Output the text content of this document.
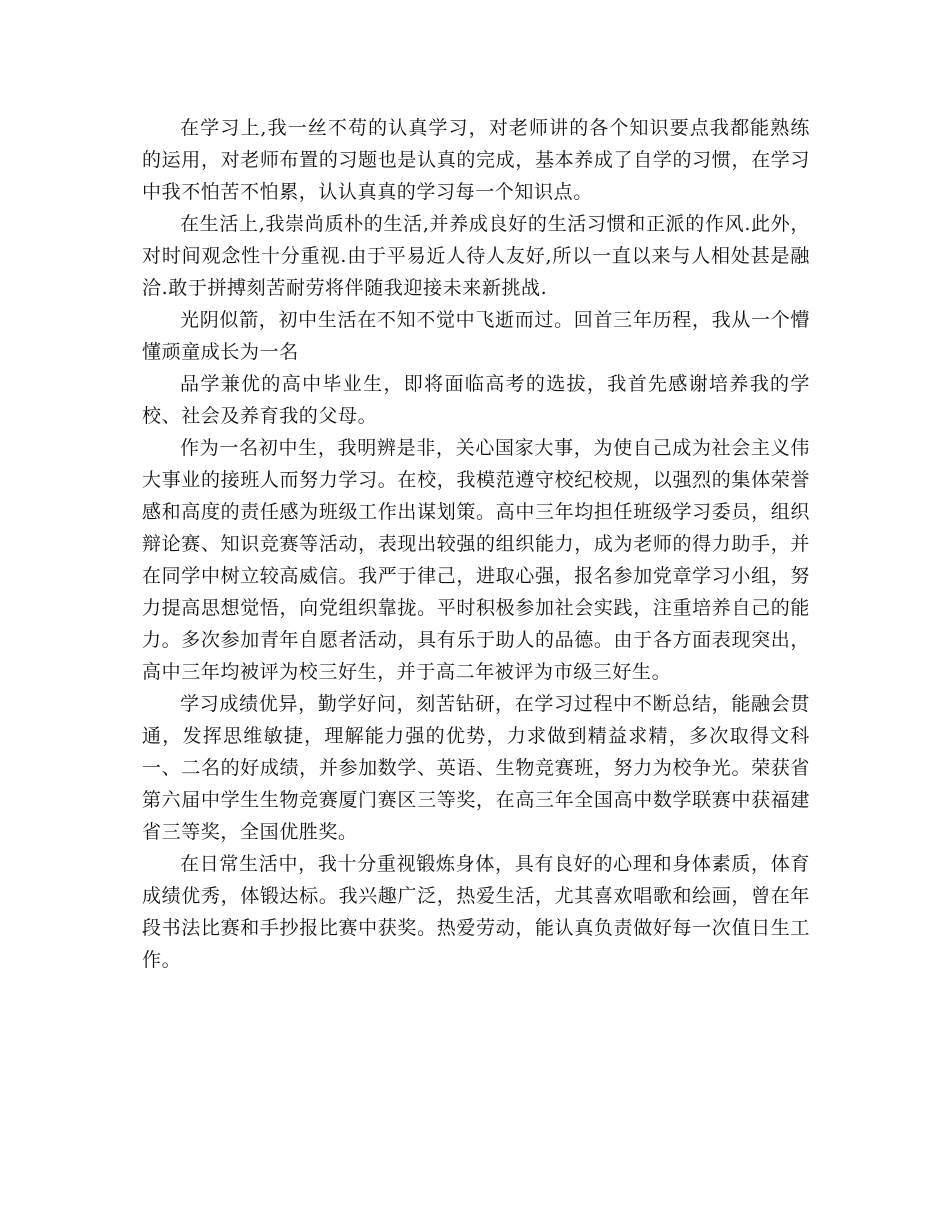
在学习上,我一丝不苟的认真学习，对老师讲的各个知识要点我都能熟练的运用，对老师布置的习题也是认真的完成，基本养成了自学的习惯，在学习中我不怕苦不怕累，认认真真的学习每一个知识点。

在生活上,我崇尚质朴的生活,并养成良好的生活习惯和正派的作风.此外，对时间观念性十分重视.由于平易近人待人友好,所以一直以来与人相处甚是融洽.敢于拼搏刻苦耐劳将伴随我迎接未来新挑战.

光阴似箭，初中生活在不知不觉中飞逝而过。回首三年历程，我从一个懵懂顽童成长为一名

品学兼优的高中毕业生，即将面临高考的选拔，我首先感谢培养我的学校、社会及养育我的父母。

作为一名初中生，我明辨是非，关心国家大事，为使自己成为社会主义伟大事业的接班人而努力学习。在校，我模范遵守校纪校规，以强烈的集体荣誉感和高度的责任感为班级工作出谋划策。高中三年均担任班级学习委员，组织辩论赛、知识竞赛等活动，表现出较强的组织能力，成为老师的得力助手，并在同学中树立较高威信。我严于律己，进取心强，报名参加党章学习小组，努力提高思想觉悟，向党组织靠拢。平时积极参加社会实践，注重培养自己的能力。多次参加青年自愿者活动，具有乐于助人的品德。由于各方面表现突出，高中三年均被评为校三好生，并于高二年被评为市级三好生。

学习成绩优异，勤学好问，刻苦钻研，在学习过程中不断总结，能融会贯通，发挥思维敏捷，理解能力强的优势，力求做到精益求精，多次取得文科一、二名的好成绩，并参加数学、英语、生物竞赛班，努力为校争光。荣获省第六届中学生生物竞赛厦门赛区三等奖，在高三年全国高中数学联赛中获福建省三等奖，全国优胜奖。

在日常生活中，我十分重视锻炼身体，具有良好的心理和身体素质，体育成绩优秀，体锻达标。我兴趣广泛，热爱生活，尤其喜欢唱歌和绘画，曾在年段书法比赛和手抄报比赛中获奖。热爱劳动，能认真负责做好每一次值日生工作。
